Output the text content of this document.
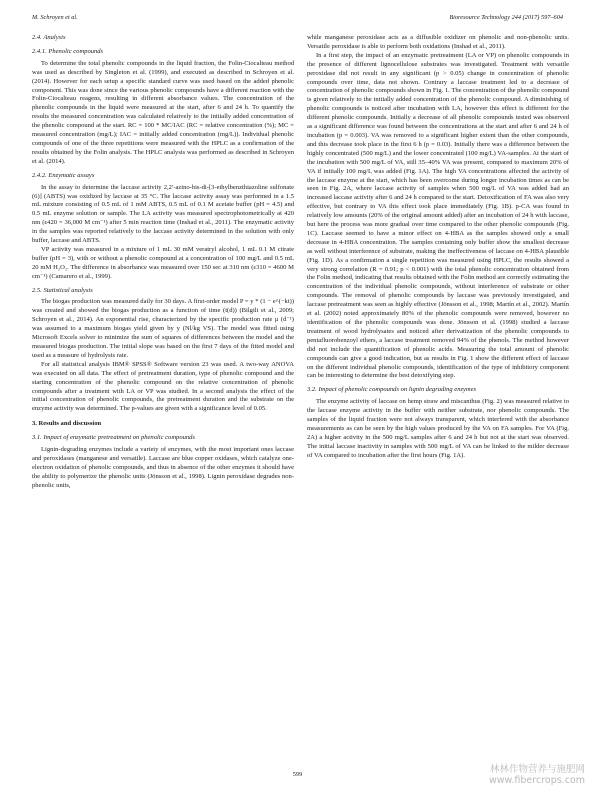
M. Schroyen et al.	Bioresource Technology 244 (2017) 597–604
2.4. Analysis
2.4.1. Phenolic compounds
To determine the total phenolic compounds in the liquid fraction, the Folin-Ciocalteau method was used as described by Singleton et al. (1999), and executed as described in Schroyen et al. (2014). However for each setup a specific standard curve was used based on the added phenolic component. This was done since the various phenolic compounds have a different reaction with the Folin-Ciocalteau reagens, resulting in different absorbance values. The concentration of the phenolic compounds in the liquid were measured at the start, after 6 and 24 h. To quantify the results the measured concentration was calculated relatively to the initially added concentration of the phenolic compound at the start. RC = 100 * MC/IAC (RC = relative concentration (%); MC = measured concentration (mg/L); IAC = initially added concentration (mg/L)). Individual phenolic compounds of one of the three repetitions were measured with the HPLC as a confirmation of the results obtained by the Folin analysis. The HPLC analysis was performed as described in Schroyen et al. (2014).
2.4.2. Enzymatic assays
In the assay to determine the laccase activity 2,2′-azino-bis-di-[3-ethylbenzthiazoline sulfonate (6)] (ABTS) was oxidized by laccase at 35 °C. The laccase activity assay was performed in a 1.5 mL mixture consisting of 0.5 mL of 1 mM ABTS, 0.5 mL of 0.1 M acetate buffer (pH = 4.5) and 0.5 mL enzyme solution or sample. The LA activity was measured spectrophotometrically at 420 nm (ε420 = 36,000 M cm⁻¹) after 5 min reaction time (Inshad et al., 2011). The enzymatic activity in the samples was reported relatively to the laccase activity determined in the solution with only buffer, laccase and ABTS.
VP activity was measured in a mixture of 1 mL 30 mM veratryl alcohol, 1 mL 0.1 M citrate buffer (pH = 3), with or without a phenolic compound at a concentration of 100 mg/L and 0.5 mL 20 mM H₂O₂. The difference in absorbance was measured over 150 sec at 310 nm (ε310 = 4600 M cm⁻¹) (Camarero et al., 1999).
2.5. Statistical analysis
The biogas production was measured daily for 30 days. A first-order model P = y * (1 − e^(−kt)) was created and showed the biogas production as a function of time (t(d)) (Bilgili et al., 2009; Schroyen et al., 2014). An exponential rise, characterized by the specific production rate µ (d⁻¹) was assumed to a maximum biogas yield given by y (Nl/kg VS). The model was fitted using Microsoft Excels solver to minimize the sum of squares of differences between the model and the measured biogas production. The initial slope was based on the first 7 days of the fitted model and used as a measure of hydrolysis rate.
For all statistical analysis IBM® SPSS® Software version 23 was used. A two-way ANOVA was executed on all data. The effect of pretreatment duration, type of phenolic compound and the starting concentration of the phenolic compound on the relative concentration of phenolic compounds after a treatment with LA or VP was studied. In a second analysis the effect of the initial concentration of phenolic compounds, the pretreatment duration and the substrate on the enzyme activity was determined. The p-values are given with a significance level of 0.05.
3. Results and discussion
3.1. Impact of enzymatic pretreatment on phenolic compounds
Lignin-degrading enzymes include a variety of enzymes, with the most important ones laccase and peroxidases (manganese and versatile). Laccase are blue copper oxidases, which catalyze one-electron oxidation of phenolic compounds, and thus in absence of the other enzymes it should have the ability to polymerize the phenolic units (Jönsson et al., 1998). Lignin peroxidase degrades non-phenolic units,
while manganese peroxidase acts as a diffusible oxidizer on phenolic and non-phenolic units. Versatile peroxidase is able to perform both oxidations (Inshad et al., 2011).
In a first step, the impact of an enzymatic pretreatment (LA or VP) on phenolic compounds in the presence of different lignocellulose substrates was investigated. Treatment with versatile peroxidase did not result in any significant (p > 0.05) change in concentration of phenolic compounds over time, data not shown. Contrary a laccase treatment led to a decrease of concentration of phenolic compounds shown in Fig. 1. The concentration of the phenolic compound is given relatively to the initially added concentration of the phenolic compound. A diminishing of phenolic compounds is noticed after incubation with LA, however this effect is different for the different phenolic compounds. Initially a decrease of all phenolic compounds tested was observed as a significant difference was found between the concentrations at the start and after 6 and 24 h of incubation (p = 0.003). VA was removed to a significant higher extent than the other compounds, and this decrease took place in the first 6 h (p = 0.03). Initially there was a difference between the highly concentrated (500 mg/L) and the lower concentrated (100 mg/L) VA-samples. At the start of the incubation with 500 mg/L of VA, still 35–40% VA was present, compared to maximum 20% of VA if initially 100 mg/L was added (Fig. 1A). The high VA concentrations affected the activity of the laccase enzyme at the start, which has been overcome during longer incubation times as can be seen in Fig. 2A, where laccase activity of samples when 500 mg/L of VA was added had an increased laccase activity after 6 and 24 h compared to the start. Detoxification of FA was also very effective, but contrary to VA this effect took place immediately (Fig. 1B). p-CA was found in relatively low amounts (20% of the original amount added) after an incubation of 24 h with laccase, but here the process was more gradual over time compared to the other phenolic compounds (Fig. 1C). Laccase seemed to have a minor effect on 4-HBA as the samples showed only a small decrease in 4-HBA concentration. The samples containing only buffer show the smallest decrease as well without interference of substrate, making the ineffectiveness of laccase on 4-HBA plausible (Fig. 1D). As a confirmation a single repetition was measured using HPLC, the results showed a very strong correlation (R = 0.91; p < 0.001) with the total phenolic concentration obtained from the Folin method, indicating that results obtained with the Folin method are correctly estimating the concentration of the individual phenolic compounds, without interference of substrate or other compounds. The removal of phenolic compounds by laccase was previously investigated, and laccase pretreatment was seen as highly effective (Jönsson et al., 1998; Martín et al., 2002). Martín et al. (2002) noted approximately 80% of the phenolic compounds were removed, however no identification of the phenolic compounds was done. Jönsson et al. (1998) studied a laccase treatment of wood hydrolysates and noticed after derivatization of the phenolic compounds to pentafluorobenzoyl ethers, a laccase treatment removed 94% of the phenols. The method however did not include the quantification of phenolic acids. Measuring the total amount of phenolic compounds can give a good indication, but as results in Fig. 1 show the different effect of laccase on the different individual phenolic compounds, identification of the type of inhibitory component can be interesting to determine the best detoxifying step.
3.2. Impact of phenolic compounds on lignin degrading enzymes
The enzyme activity of laccase on hemp straw and miscanthus (Fig. 2) was measured relative to the laccase enzyme activity in the buffer with neither substrate, nor phenolic compounds. The samples of the liquid fraction were not always transparent, which interfered with the absorbance measurements as can be seen by the high values produced by the VA on FA samples. For VA (Fig. 2A) a higher activity in the 500 mg/L samples after 6 and 24 h but not at the start was observed. The initial laccase inactivity in samples with 500 mg/L of VA can be linked to the milder decrease of VA compared to incubation after the first hours (Fig. 1A).
599	林林作物营养与施肥网
www.fibercrops.com
